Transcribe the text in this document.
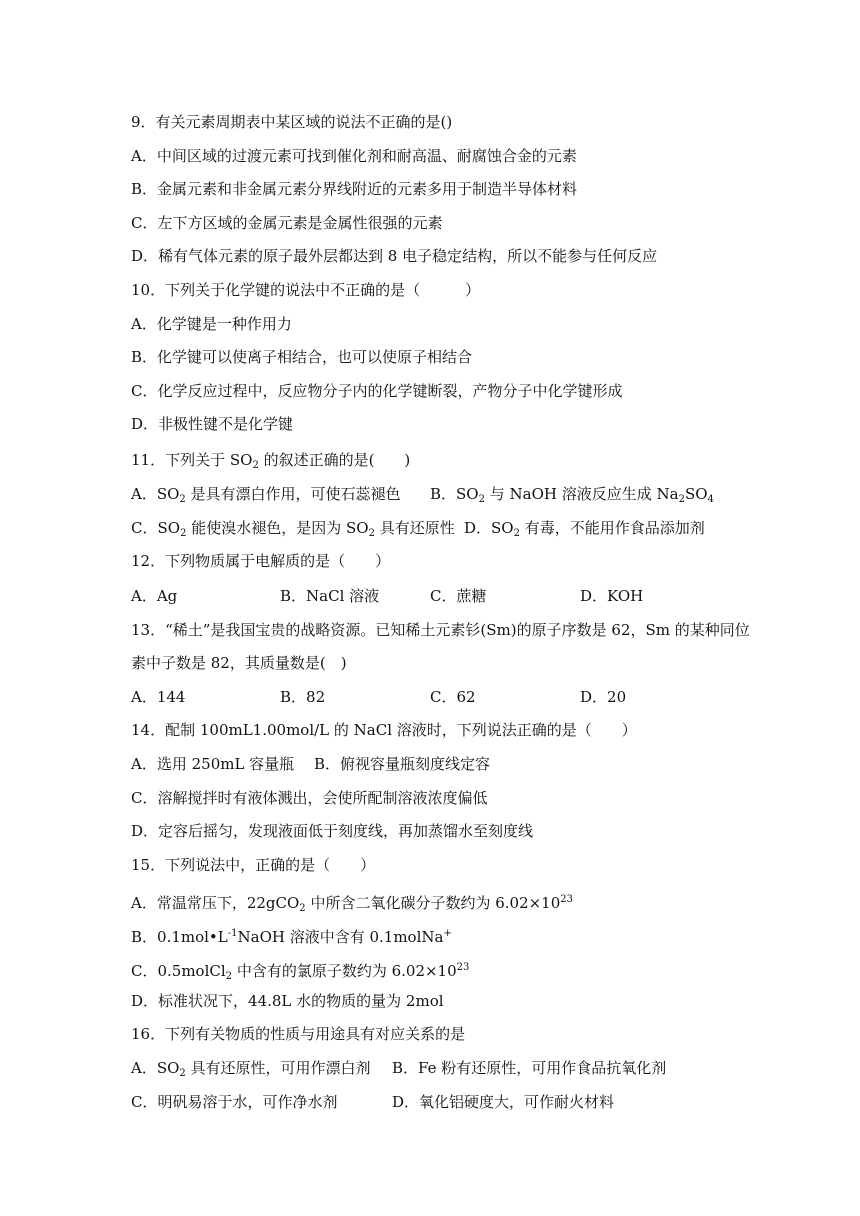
9．有关元素周期表中某区域的说法不正确的是()
A．中间区域的过渡元素可找到催化剂和耐高温、耐腐蚀合金的元素
B．金属元素和非金属元素分界线附近的元素多用于制造半导体材料
C．左下方区域的金属元素是金属性很强的元素
D．稀有气体元素的原子最外层都达到 8 电子稳定结构，所以不能参与任何反应
10．下列关于化学键的说法中不正确的是（　　　）
A．化学键是一种作用力
B．化学键可以使离子相结合，也可以使原子相结合
C．化学反应过程中，反应物分子内的化学键断裂，产物分子中化学键形成
D．非极性键不是化学键
11．下列关于 $SO_2$ 的叙述正确的是(　　)
A．$SO_2$ 是具有漂白作用，可使石蕊褪色 B．$SO_2$ 与 NaOH 溶液反应生成 $Na_2SO_4$
C．$SO_2$ 能使溴水褪色，是因为 $SO_2$ 具有还原性 D．$SO_2$ 有毒，不能用作食品添加剂
12．下列物质属于电解质的是（　　）
A．Ag	B．NaCl 溶液	C．蔗糖	D．KOH
13．“稀土”是我国宝贵的战略资源。已知稀土元素钐(Sm)的原子序数是 62，Sm 的某种同位
素中子数是 82，其质量数是(　)
A．144	B．82	C．62	D．20
14．配制 100mL1.00mol/L 的 NaCl 溶液时，下列说法正确的是（　　）
A．选用 250mL 容量瓶 B．俯视容量瓶刻度线定容
C．溶解搅拌时有液体溅出，会使所配制溶液浓度偏低
D．定容后摇匀，发现液面低于刻度线，再加蒸馏水至刻度线
15．下列说法中，正确的是（　　）
A．常温常压下，22gCO$_2$ 中所含二氧化碳分子数约为 $6.02\times 10^{23}$
B．$0.1mol•L^{-1}NaOH$ 溶液中含有 0.1molNa+
C．0.5molCl$_2$ 中含有的氯原子数约为 $6.02\times 10^{23}$
D．标准状况下，44.8L 水的物质的量为 2mol
16．下列有关物质的性质与用途具有对应关系的是
A．$SO_2$ 具有还原性，可用作漂白剂 B．Fe 粉有还原性，可用作食品抗氧化剂
C．明矾易溶于水，可作净水剂	D．氧化铝硬度大，可作耐火材料
